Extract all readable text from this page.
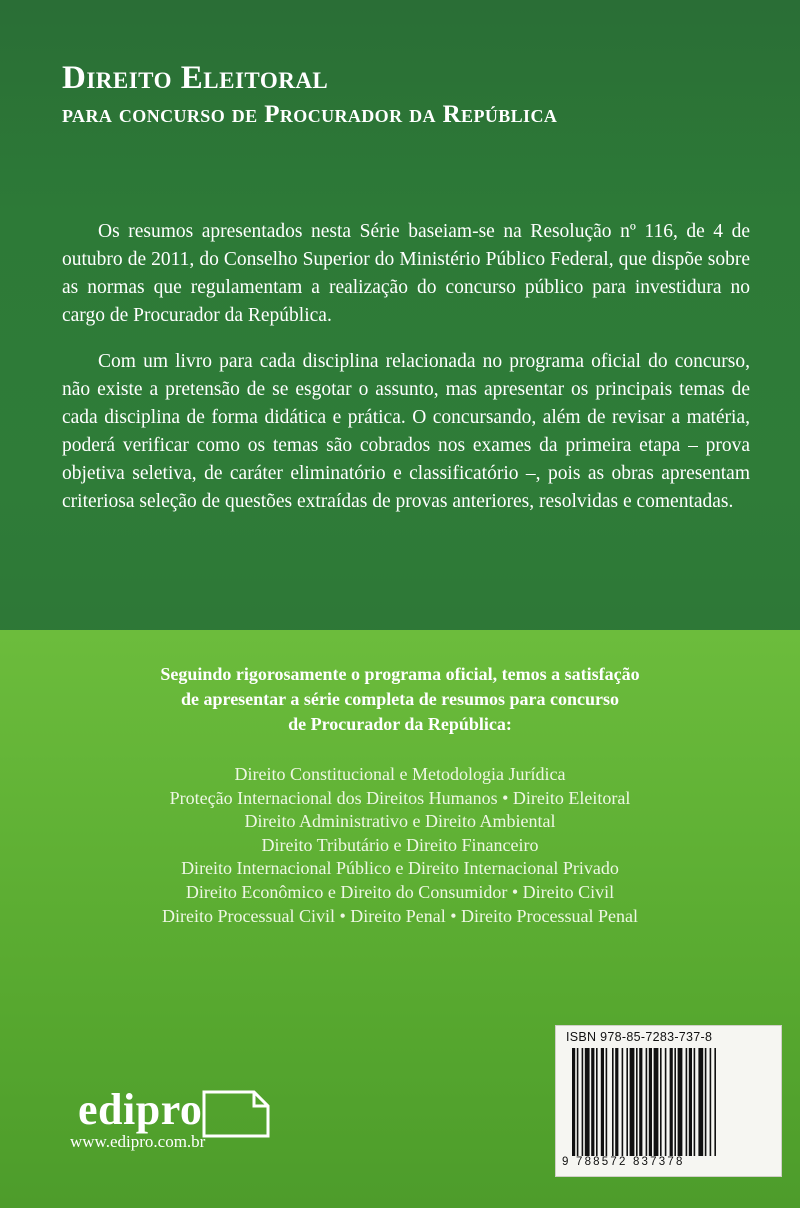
Direito Eleitoral
para concurso de Procurador da República

Os resumos apresentados nesta Série baseiam-se na Resolução nº 116, de 4 de outubro de 2011, do Conselho Superior do Ministério Público Federal, que dispõe sobre as normas que regulamentam a realização do concurso público para investidura no cargo de Procurador da República.

Com um livro para cada disciplina relacionada no programa oficial do concurso, não existe a pretensão de se esgotar o assunto, mas apresentar os principais temas de cada disciplina de forma didática e prática. O concursando, além de revisar a matéria, poderá verificar como os temas são cobrados nos exames da primeira etapa – prova objetiva seletiva, de caráter eliminatório e classificatório –, pois as obras apresentam criteriosa seleção de questões extraídas de provas anteriores, resolvidas e comentadas.

Seguindo rigorosamente o programa oficial, temos a satisfação
de apresentar a série completa de resumos para concurso
de Procurador da República:
Direito Constitucional e Metodologia Jurídica
Proteção Internacional dos Direitos Humanos • Direito Eleitoral
Direito Administrativo e Direito Ambiental
Direito Tributário e Direito Financeiro
Direito Internacional Público e Direito Internacional Privado
Direito Econômico e Direito do Consumidor • Direito Civil
Direito Processual Civil • Direito Penal • Direito Processual Penal
ISBN 978-85-7283-737-8
9 788572 837378
edipro
www.edipro.com.br
